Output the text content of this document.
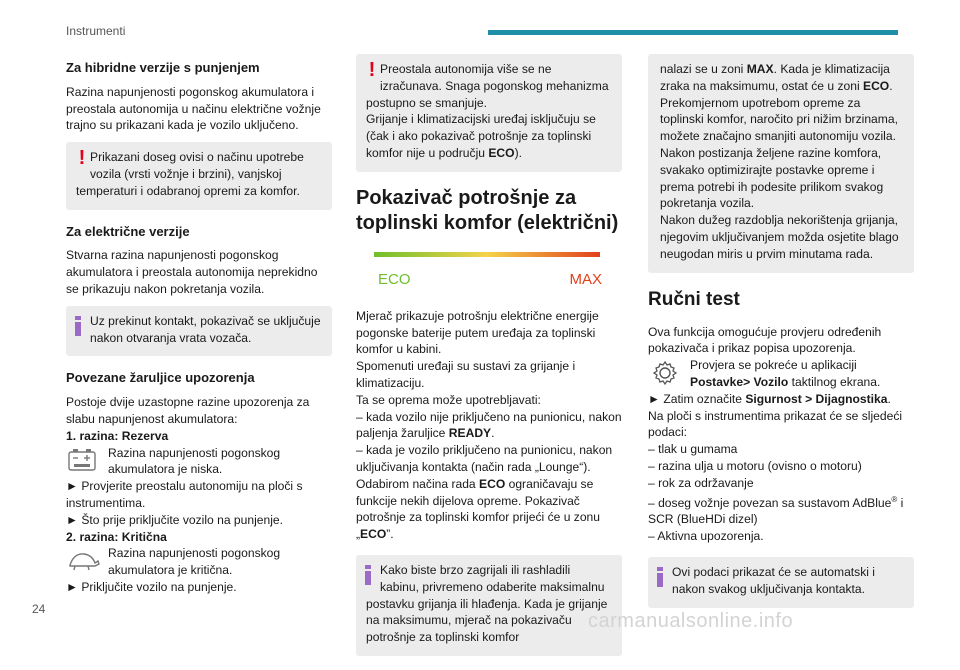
Instrumenti

Za hibridne verzije s punjenjem

Razina napunjenosti pogonskog akumulatora i preostala autonomija u načinu električne vožnje trajno su prikazani kada je vozilo uključeno.

! Prikazani doseg ovisi o načinu upotrebe vozila (vrsti vožnje i brzini), vanjskoj temperaturi i odabranoj opremi za komfor.

Za električne verzije

Stvarna razina napunjenosti pogonskog akumulatora i preostala autonomija neprekidno se prikazuju nakon pokretanja vozila.

Uz prekinut kontakt, pokazivač se uključuje nakon otvaranja vrata vozača.

Povezane žaruljice upozorenja

Postoje dvije uzastopne razine upozorenja za slabu napunjenost akumulatora:

1. razina: Rezerva

Razina napunjenosti pogonskog akumulatora je niska.

► Provjerite preostalu autonomiju na ploči s instrumentima.

► Što prije priključite vozilo na punjenje.

2. razina: Kritična

Razina napunjenosti pogonskog akumulatora je kritična.

► Priključite vozilo na punjenje.

! Preostala autonomija više se ne izračunava. Snaga pogonskog mehanizma postupno se smanjuje.
Grijanje i klimatizacijski uređaj isključuju se (čak i ako pokazivač potrošnje za toplinski komfor nije u području ECO).

Pokazivač potrošnje za toplinski komfor (električni)

ECO	MAX

Mjerač prikazuje potrošnju električne energije pogonske baterije putem uređaja za toplinski komfor u kabini.

Spomenuti uređaji su sustavi za grijanje i klimatizaciju.

Ta se oprema može upotrebljavati:

– kada vozilo nije priključeno na punionicu, nakon paljenja žaruljice READY.

– kada je vozilo priključeno na punionicu, nakon uključivanja kontakta (način rada „Lounge“).

Odabirom načina rada ECO ograničavaju se funkcije nekih dijelova opreme. Pokazivač potrošnje za toplinski komfor prijeći će u zonu „ECO”.

Kako biste brzo zagrijali ili rashladili kabinu, privremeno odaberite maksimalnu postavku grijanja ili hlađenja. Kada je grijanje na maksimumu, mjerač na pokazivaču potrošnje za toplinski komfor

nalazi se u zoni MAX. Kada je klimatizacija zraka na maksimumu, ostat će u zoni ECO.

Prekomjernom upotrebom opreme za toplinski komfor, naročito pri nižim brzinama, možete značajno smanjiti autonomiju vozila.

Nakon postizanja željene razine komfora, svakako optimizirajte postavke opreme i prema potrebi ih podesite prilikom svakog pokretanja vozila.

Nakon dužeg razdoblja nekorištenja grijanja, njegovim uključivanjem možda osjetite blago neugodan miris u prvim minutama rada.

Ručni test

Ova funkcija omogućuje provjeru određenih pokazivača i prikaz popisa upozorenja.

Provjera se pokreće u aplikaciji
Postavke> Vozilo taktilnog ekrana.

► Zatim označite Sigurnost > Dijagnostika.

Na ploči s instrumentima prikazat će se sljedeći podaci:

– tlak u gumama

– razina ulja u motoru (ovisno o motoru)

– rok za održavanje

– doseg vožnje povezan sa sustavom AdBlue® i SCR (BlueHDi dizel)

– Aktivna upozorenja.

Ovi podaci prikazat će se automatski i nakon svakog uključivanja kontakta.
24
carmanualsonline.info
